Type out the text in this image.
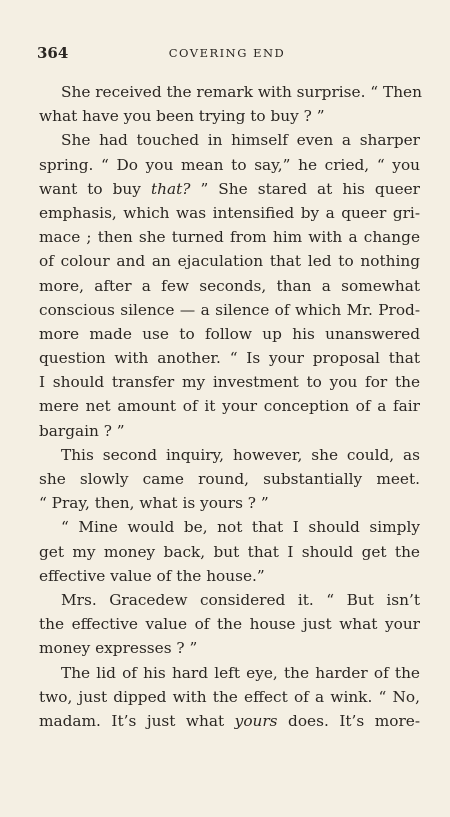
364	COVERING END
She received the remark with surprise. “ Then
what have you been trying to buy ? ”
She had touched in himself even a sharper
spring. “ Do you mean to say,” he cried, “ you
want to buy that? ” She stared at his queer
emphasis, which was intensified by a queer gri-
mace ; then she turned from him with a change
of colour and an ejaculation that led to nothing
more, after a few seconds, than a somewhat
conscious silence — a silence of which Mr. Prod-
more made use to follow up his unanswered
question with another. “ Is your proposal that
I should transfer my investment to you for the
mere net amount of it your conception of a fair
bargain ? ”
This second inquiry, however, she could, as
she slowly came round, substantially meet.
“ Pray, then, what is yours ? ”
“ Mine would be, not that I should simply
get my money back, but that I should get the
effective value of the house.”
Mrs. Gracedew considered it. “ But isn’t
the effective value of the house just what your
money expresses ? ”
The lid of his hard left eye, the harder of the
two, just dipped with the effect of a wink. “ No,
madam. It’s just what yours does. It’s more-
